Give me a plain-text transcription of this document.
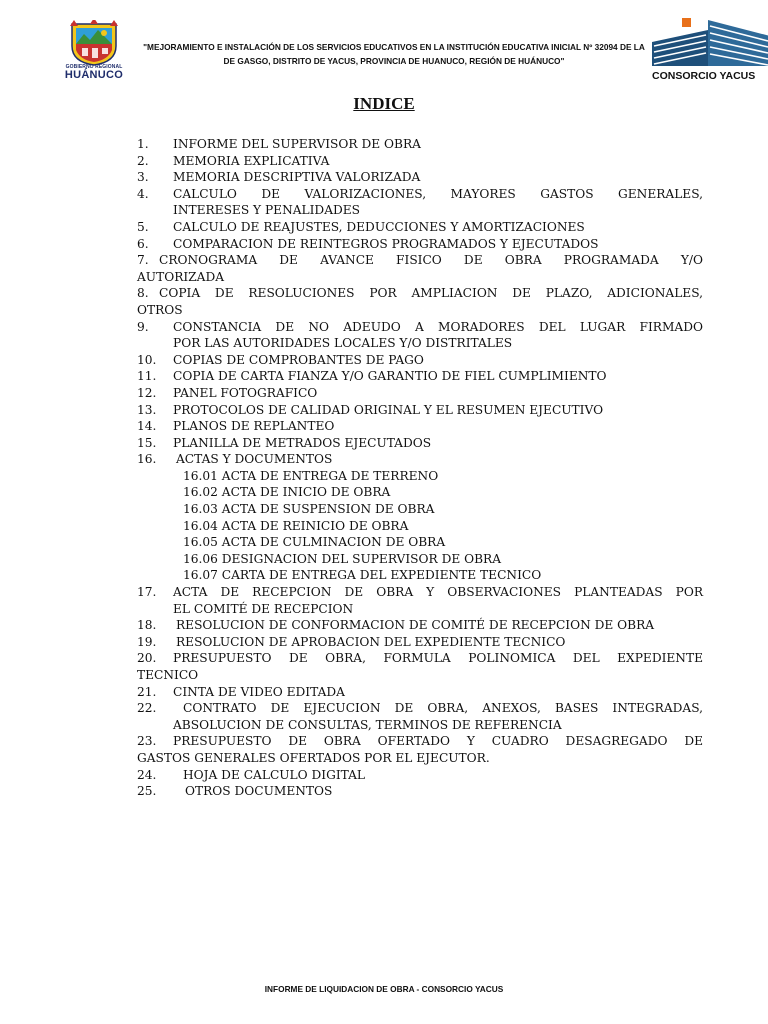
GOBIERNO REGIONAL
HUÁNUCO
"MEJORAMIENTO E INSTALACIÓN DE LOS SERVICIOS EDUCATIVOS EN LA INSTITUCIÓN EDUCATIVA INICIAL Nº 32094 DE LA
DE GASGO, DISTRITO DE YACUS, PROVINCIA DE HUANUCO, REGIÓN DE HUÁNUCO"
CONSORCIO YACUS
INDICE
1. INFORME DEL SUPERVISOR DE OBRA
2. MEMORIA EXPLICATIVA
3. MEMORIA DESCRIPTIVA VALORIZADA
4. CALCULO DE VALORIZACIONES, MAYORES GASTOS GENERALES,
INTERESES Y PENALIDADES
5. CALCULO DE REAJUSTES, DEDUCCIONES Y AMORTIZACIONES
6. COMPARACION DE REINTEGROS PROGRAMADOS Y EJECUTADOS
7. CRONOGRAMA DE AVANCE FISICO DE OBRA PROGRAMADA Y/O
AUTORIZADA
8. COPIA DE RESOLUCIONES POR AMPLIACION DE PLAZO, ADICIONALES,
OTROS
9. CONSTANCIA DE NO ADEUDO A MORADORES DEL LUGAR FIRMADO
POR LAS AUTORIDADES LOCALES Y/O DISTRITALES
10. COPIAS DE COMPROBANTES DE PAGO
11. COPIA DE CARTA FIANZA Y/O GARANTIO DE FIEL CUMPLIMIENTO
12. PANEL FOTOGRAFICO
13. PROTOCOLOS DE CALIDAD ORIGINAL Y EL RESUMEN EJECUTIVO
14. PLANOS DE REPLANTEO
15. PLANILLA DE METRADOS EJECUTADOS
16. ACTAS Y DOCUMENTOS
16.01 ACTA DE ENTREGA DE TERRENO
16.02 ACTA DE INICIO DE OBRA
16.03 ACTA DE SUSPENSION DE OBRA
16.04 ACTA DE REINICIO DE OBRA
16.05 ACTA DE CULMINACION DE OBRA
16.06 DESIGNACION DEL SUPERVISOR DE OBRA
16.07 CARTA DE ENTREGA DEL EXPEDIENTE TECNICO
17. ACTA DE RECEPCION DE OBRA Y OBSERVACIONES PLANTEADAS POR
EL COMITÉ DE RECEPCION
18. RESOLUCION DE CONFORMACION DE COMITÉ DE RECEPCION DE OBRA
19. RESOLUCION DE APROBACION DEL EXPEDIENTE TECNICO
20. PRESUPUESTO DE OBRA, FORMULA POLINOMICA DEL EXPEDIENTE
TECNICO
21. CINTA DE VIDEO EDITADA
22. CONTRATO DE EJECUCION DE OBRA, ANEXOS, BASES INTEGRADAS,
ABSOLUCION DE CONSULTAS, TERMINOS DE REFERENCIA
23. PRESUPUESTO DE OBRA OFERTADO Y CUADRO DESAGREGADO DE
GASTOS GENERALES OFERTADOS POR EL EJECUTOR.
24. HOJA DE CALCULO DIGITAL
25. OTROS DOCUMENTOS
INFORME DE LIQUIDACION DE OBRA - CONSORCIO YACUS
